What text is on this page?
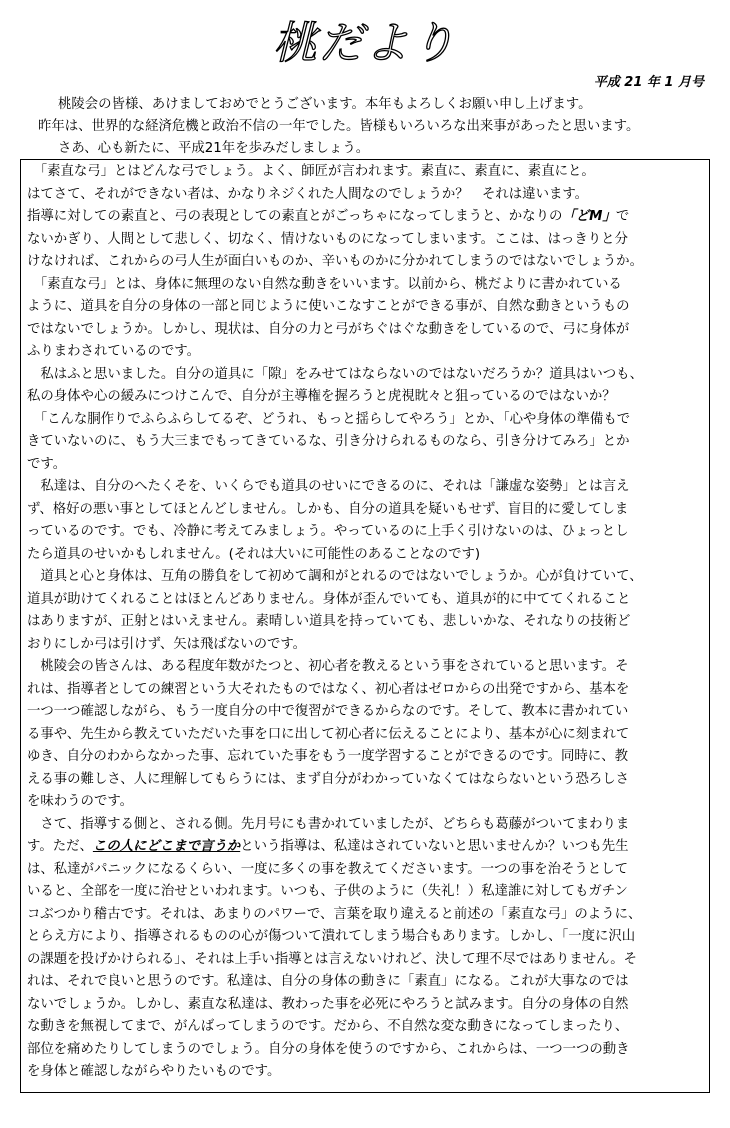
桃だより
平成 21 年 1 月号

桃陵会の皆様、あけましておめでとうございます。本年もよろしくお願い申し上げます。

昨年は、世界的な経済危機と政治不信の一年でした。皆様もいろいろな出来事があったと思います。

さあ、心も新たに、平成21年を歩みだしましょう。

　「素直な弓」とはどんな弓でしょう。よく、師匠が言われます。素直に、素直に、素直にと。

はてさて、それができない者は、かなりネジくれた人間なのでしょうか？　それは違います。

指導に対しての素直と、弓の表現としての素直とがごっちゃになってしまうと、かなりの「どM」で

ないかぎり、人間として悲しく、切なく、情けないものになってしまいます。ここは、はっきりと分

けなければ、これからの弓人生が面白いものか、辛いものかに分かれてしまうのではないでしょうか。

　「素直な弓」とは、身体に無理のない自然な動きをいいます。以前から、桃だよりに書かれている

ように、道具を自分の身体の一部と同じように使いこなすことができる事が、自然な動きというもの

ではないでしょうか。しかし、現状は、自分の力と弓がちぐはぐな動きをしているので、弓に身体が

ふりまわされているのです。

　私はふと思いました。自分の道具に「隙」をみせてはならないのではないだろうか？道具はいつも、

私の身体や心の緩みにつけこんで、自分が主導権を握ろうと虎視眈々と狙っているのではないか？

　「こんな胴作りでふらふらしてるぞ、どうれ、もっと揺らしてやろう」とか、「心や身体の準備もで

きていないのに、もう大三までもってきているな、引き分けられるものなら、引き分けてみろ」とか

です。

　私達は、自分のへたくそを、いくらでも道具のせいにできるのに、それは「謙虚な姿勢」とは言え

ず、格好の悪い事としてほとんどしません。しかも、自分の道具を疑いもせず、盲目的に愛してしま

っているのです。でも、冷静に考えてみましょう。やっているのに上手く引けないのは、ひょっとし

たら道具のせいかもしれません。(それは大いに可能性のあることなのです)

　道具と心と身体は、互角の勝負をして初めて調和がとれるのではないでしょうか。心が負けていて、

道具が助けてくれることはほとんどありません。身体が歪んでいても、道具が的に中ててくれること

はありますが、正射とはいえません。素晴しい道具を持っていても、悲しいかな、それなりの技術ど

おりにしか弓は引けず、矢は飛ばないのです。

　桃陵会の皆さんは、ある程度年数がたつと、初心者を教えるという事をされていると思います。そ

れは、指導者としての練習という大それたものではなく、初心者はゼロからの出発ですから、基本を

一つ一つ確認しながら、もう一度自分の中で復習ができるからなのです。そして、教本に書かれてい

る事や、先生から教えていただいた事を口に出して初心者に伝えることにより、基本が心に刻まれて

ゆき、自分のわからなかった事、忘れていた事をもう一度学習することができるのです。同時に、教

える事の難しさ、人に理解してもらうには、まず自分がわかっていなくてはならないという恐ろしさ

を味わうのです。

　さて、指導する側と、される側。先月号にも書かれていましたが、どちらも葛藤がついてまわりま

す。ただ、この人にどこまで言うかという指導は、私達はされていないと思いませんか？いつも先生

は、私達がパニックになるくらい、一度に多くの事を教えてくださいます。一つの事を治そうとして

いると、全部を一度に治せといわれます。いつも、子供のように（失礼！）私達誰に対してもガチン

コぶつかり稽古です。それは、あまりのパワーで、言葉を取り違えると前述の「素直な弓」のように、

とらえ方により、指導されるものの心が傷ついて潰れてしまう場合もあります。しかし、「一度に沢山

の課題を投げかけられる」、それは上手い指導とは言えないけれど、決して理不尽ではありません。そ

れは、それで良いと思うのです。私達は、自分の身体の動きに「素直」になる。これが大事なのでは

ないでしょうか。しかし、素直な私達は、教わった事を必死にやろうと試みます。自分の身体の自然

な動きを無視してまで、がんばってしまうのです。だから、不自然な変な動きになってしまったり、

部位を痛めたりしてしまうのでしょう。自分の身体を使うのですから、これからは、一つ一つの動き

を身体と確認しながらやりたいものです。
